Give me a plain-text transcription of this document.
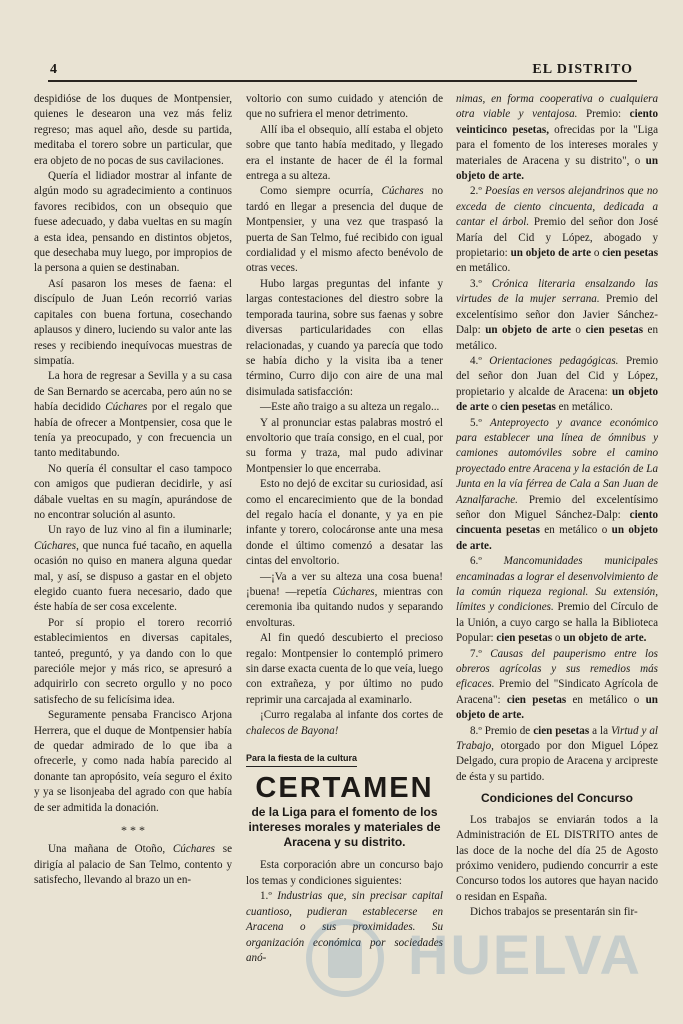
4	EL DISTRITO

despidióse de los duques de Montpensier, quienes le desearon una vez más feliz regreso; mas aquel año, desde su partida, meditaba el torero sobre un particular, que era objeto de no pocas de sus cavilaciones.

Quería el lidiador mostrar al infante de algún modo su agradecimiento a continuos favores recibidos, con un obsequio que fuese adecuado, y daba vueltas en su magín a esta idea, pensando en distintos objetos, que desechaba muy luego, por impropios de la persona a quien se destinaban.

Así pasaron los meses de faena: el discípulo de Juan León recorrió varias capitales con buena fortuna, cosechando aplausos y dinero, luciendo su valor ante las reses y recibiendo inequívocas muestras de simpatía.

La hora de regresar a Sevilla y a su casa de San Bernardo se acercaba, pero aún no se había decidido Cúchares por el regalo que había de ofrecer a Montpensier, cosa que le tenía ya preocupado, y con frecuencia un tanto meditabundo.

No quería él consultar el caso tampoco con amigos que pudieran decidirle, y así dábale vueltas en su magín, apurándose de no encontrar solución al asunto.

Un rayo de luz vino al fin a iluminarle; Cúchares, que nunca fué tacaño, en aquella ocasión no quiso en manera alguna quedar mal, y así, se dispuso a gastar en el objeto elegido cuanto fuera necesario, dado que éste había de ser cosa excelente.

Por sí propio el torero recorrió establecimientos en diversas capitales, tanteó, preguntó, y ya dando con lo que parecióle mejor y más rico, se apresuró a adquirirlo con secreto orgullo y no poco satisfecho de su felicísima idea.

Seguramente pensaba Francisco Arjona Herrera, que el duque de Montpensier había de quedar admirado de lo que iba a ofrecerle, y como nada había parecido al donante tan apropósito, veía seguro el éxito y ya se lisonjeaba del agrado con que había de ser admitida la donación.

* * *

Una mañana de Otoño, Cúchares se dirigía al palacio de San Telmo, contento y satisfecho, llevando al brazo un en-

voltorio con sumo cuidado y atención de que no sufriera el menor detrimento.

Allí iba el obsequio, allí estaba el objeto sobre que tanto había meditado, y llegado era el instante de hacer de él la formal entrega a su alteza.

Como siempre ocurría, Cúchares no tardó en llegar a presencia del duque de Montpensier, y una vez que traspasó la puerta de San Telmo, fué recibido con igual cordialidad y el mismo afecto benévolo de otras veces.

Hubo largas preguntas del infante y largas contestaciones del diestro sobre la temporada taurina, sobre sus faenas y sobre diversas particularidades con ellas relacionadas, y cuando ya parecía que todo se había dicho y la visita iba a tener término, Curro dijo con aire de una mal disimulada satisfacción:

—Este año traigo a su alteza un regalo...

Y al pronunciar estas palabras mostró el envoltorio que traía consigo, en el cual, por su forma y traza, mal pudo adivinar Montpensier lo que encerraba.

Esto no dejó de excitar su curiosidad, así como el encarecimiento que de la bondad del regalo hacía el donante, y ya en pie infante y torero, colocáronse ante una mesa donde el último comenzó a desatar las cintas del envoltorio.

—¡Va a ver su alteza una cosa buena! ¡buena! —repetía Cúchares, mientras con ceremonia iba quitando nudos y separando envolturas.

Al fin quedó descubierto el precioso regalo: Montpensier lo contempló primero sin darse exacta cuenta de lo que veía, luego con extrañeza, y por último no pudo reprimir una carcajada al examinarlo.

¡Curro regalaba al infante dos cortes de chalecos de Bayona!

Para la fiesta de la cultura
CERTAMEN
de la Liga para el fomento de los intereses morales y materiales de Aracena y su distrito.

Esta corporación abre un concurso bajo los temas y condiciones siguientes:

1.º Industrias que, sin precisar capital cuantioso, pudieran establecerse en Aracena o sus proximidades. Su organización económica por sociedades anó-

nimas, en forma cooperativa o cualquiera otra viable y ventajosa. Premio: ciento veinticinco pesetas, ofrecidas por la "Liga para el fomento de los intereses morales y materiales de Aracena y su distrito", o un objeto de arte.

2.º Poesías en versos alejandrinos que no exceda de ciento cincuenta, dedicada a cantar el árbol. Premio del señor don José María del Cid y López, abogado y propietario: un objeto de arte o cien pesetas en metálico.

3.º Crónica literaria ensalzando las virtudes de la mujer serrana. Premio del excelentísimo señor don Javier Sánchez-Dalp: un objeto de arte o cien pesetas en metálico.

4.º Orientaciones pedagógicas. Premio del señor don Juan del Cid y López, propietario y alcalde de Aracena: un objeto de arte o cien pesetas en metálico.

5.º Anteproyecto y avance económico para establecer una línea de ómnibus y camiones automóviles sobre el camino proyectado entre Aracena y la estación de La Junta en la vía férrea de Cala a San Juan de Aznalfarache. Premio del excelentísimo señor don Miguel Sánchez-Dalp: ciento cincuenta pesetas en metálico o un objeto de arte.

6.º Mancomunidades municipales encaminadas a lograr el desenvolvimiento de la común riqueza regional. Su extensión, límites y condiciones. Premio del Círculo de la Unión, a cuyo cargo se halla la Biblioteca Popular: cien pesetas o un objeto de arte.

7.º Causas del pauperismo entre los obreros agrícolas y sus remedios más eficaces. Premio del "Sindicato Agrícola de Aracena": cien pesetas en metálico o un objeto de arte.

8.º Premio de cien pesetas a la Virtud y al Trabajo, otorgado por don Miguel López Delgado, cura propio de Aracena y arcipreste de ésta y su partido.

Condiciones del Concurso

Los trabajos se enviarán todos a la Administración de EL DISTRITO antes de las doce de la noche del día 25 de Agosto próximo venidero, pudiendo concurrir a este Concurso todos los autores que hayan nacido o residan en España.

Dichos trabajos se presentarán sin fir-

HUELVA
